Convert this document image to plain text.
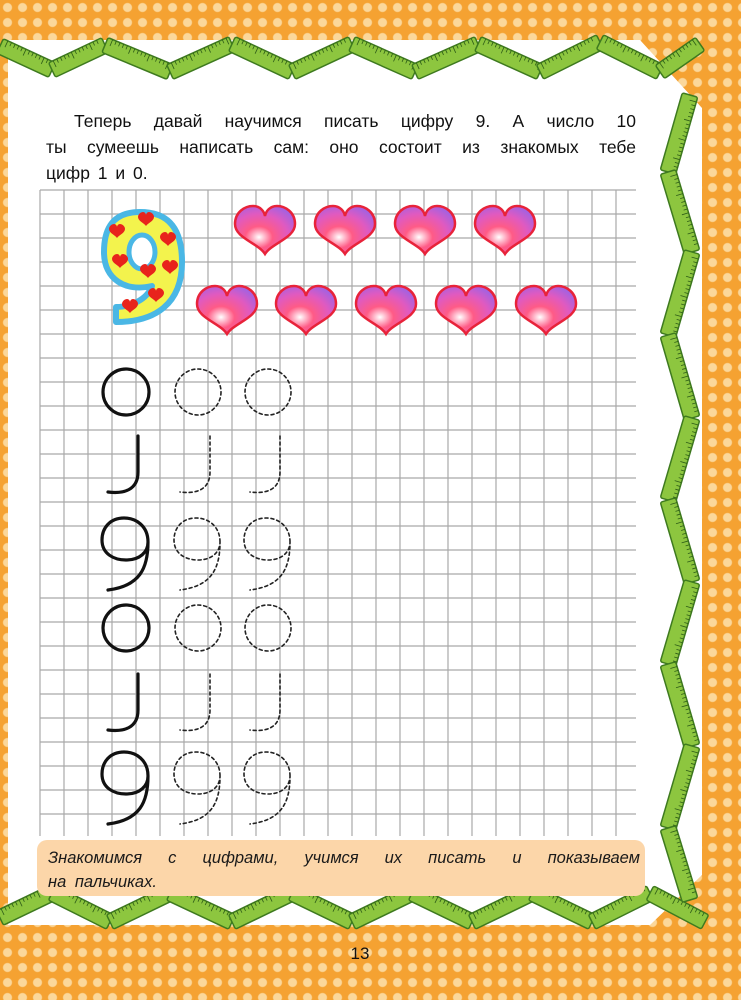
Теперь давай научимся писать цифру 9. А число 10
ты сумеешь написать сам: оно состоит из знакомых тебе
цифр 1 и 0.

Знакомимся с цифрами, учимся их писать и показываем
на пальчиках.

13
